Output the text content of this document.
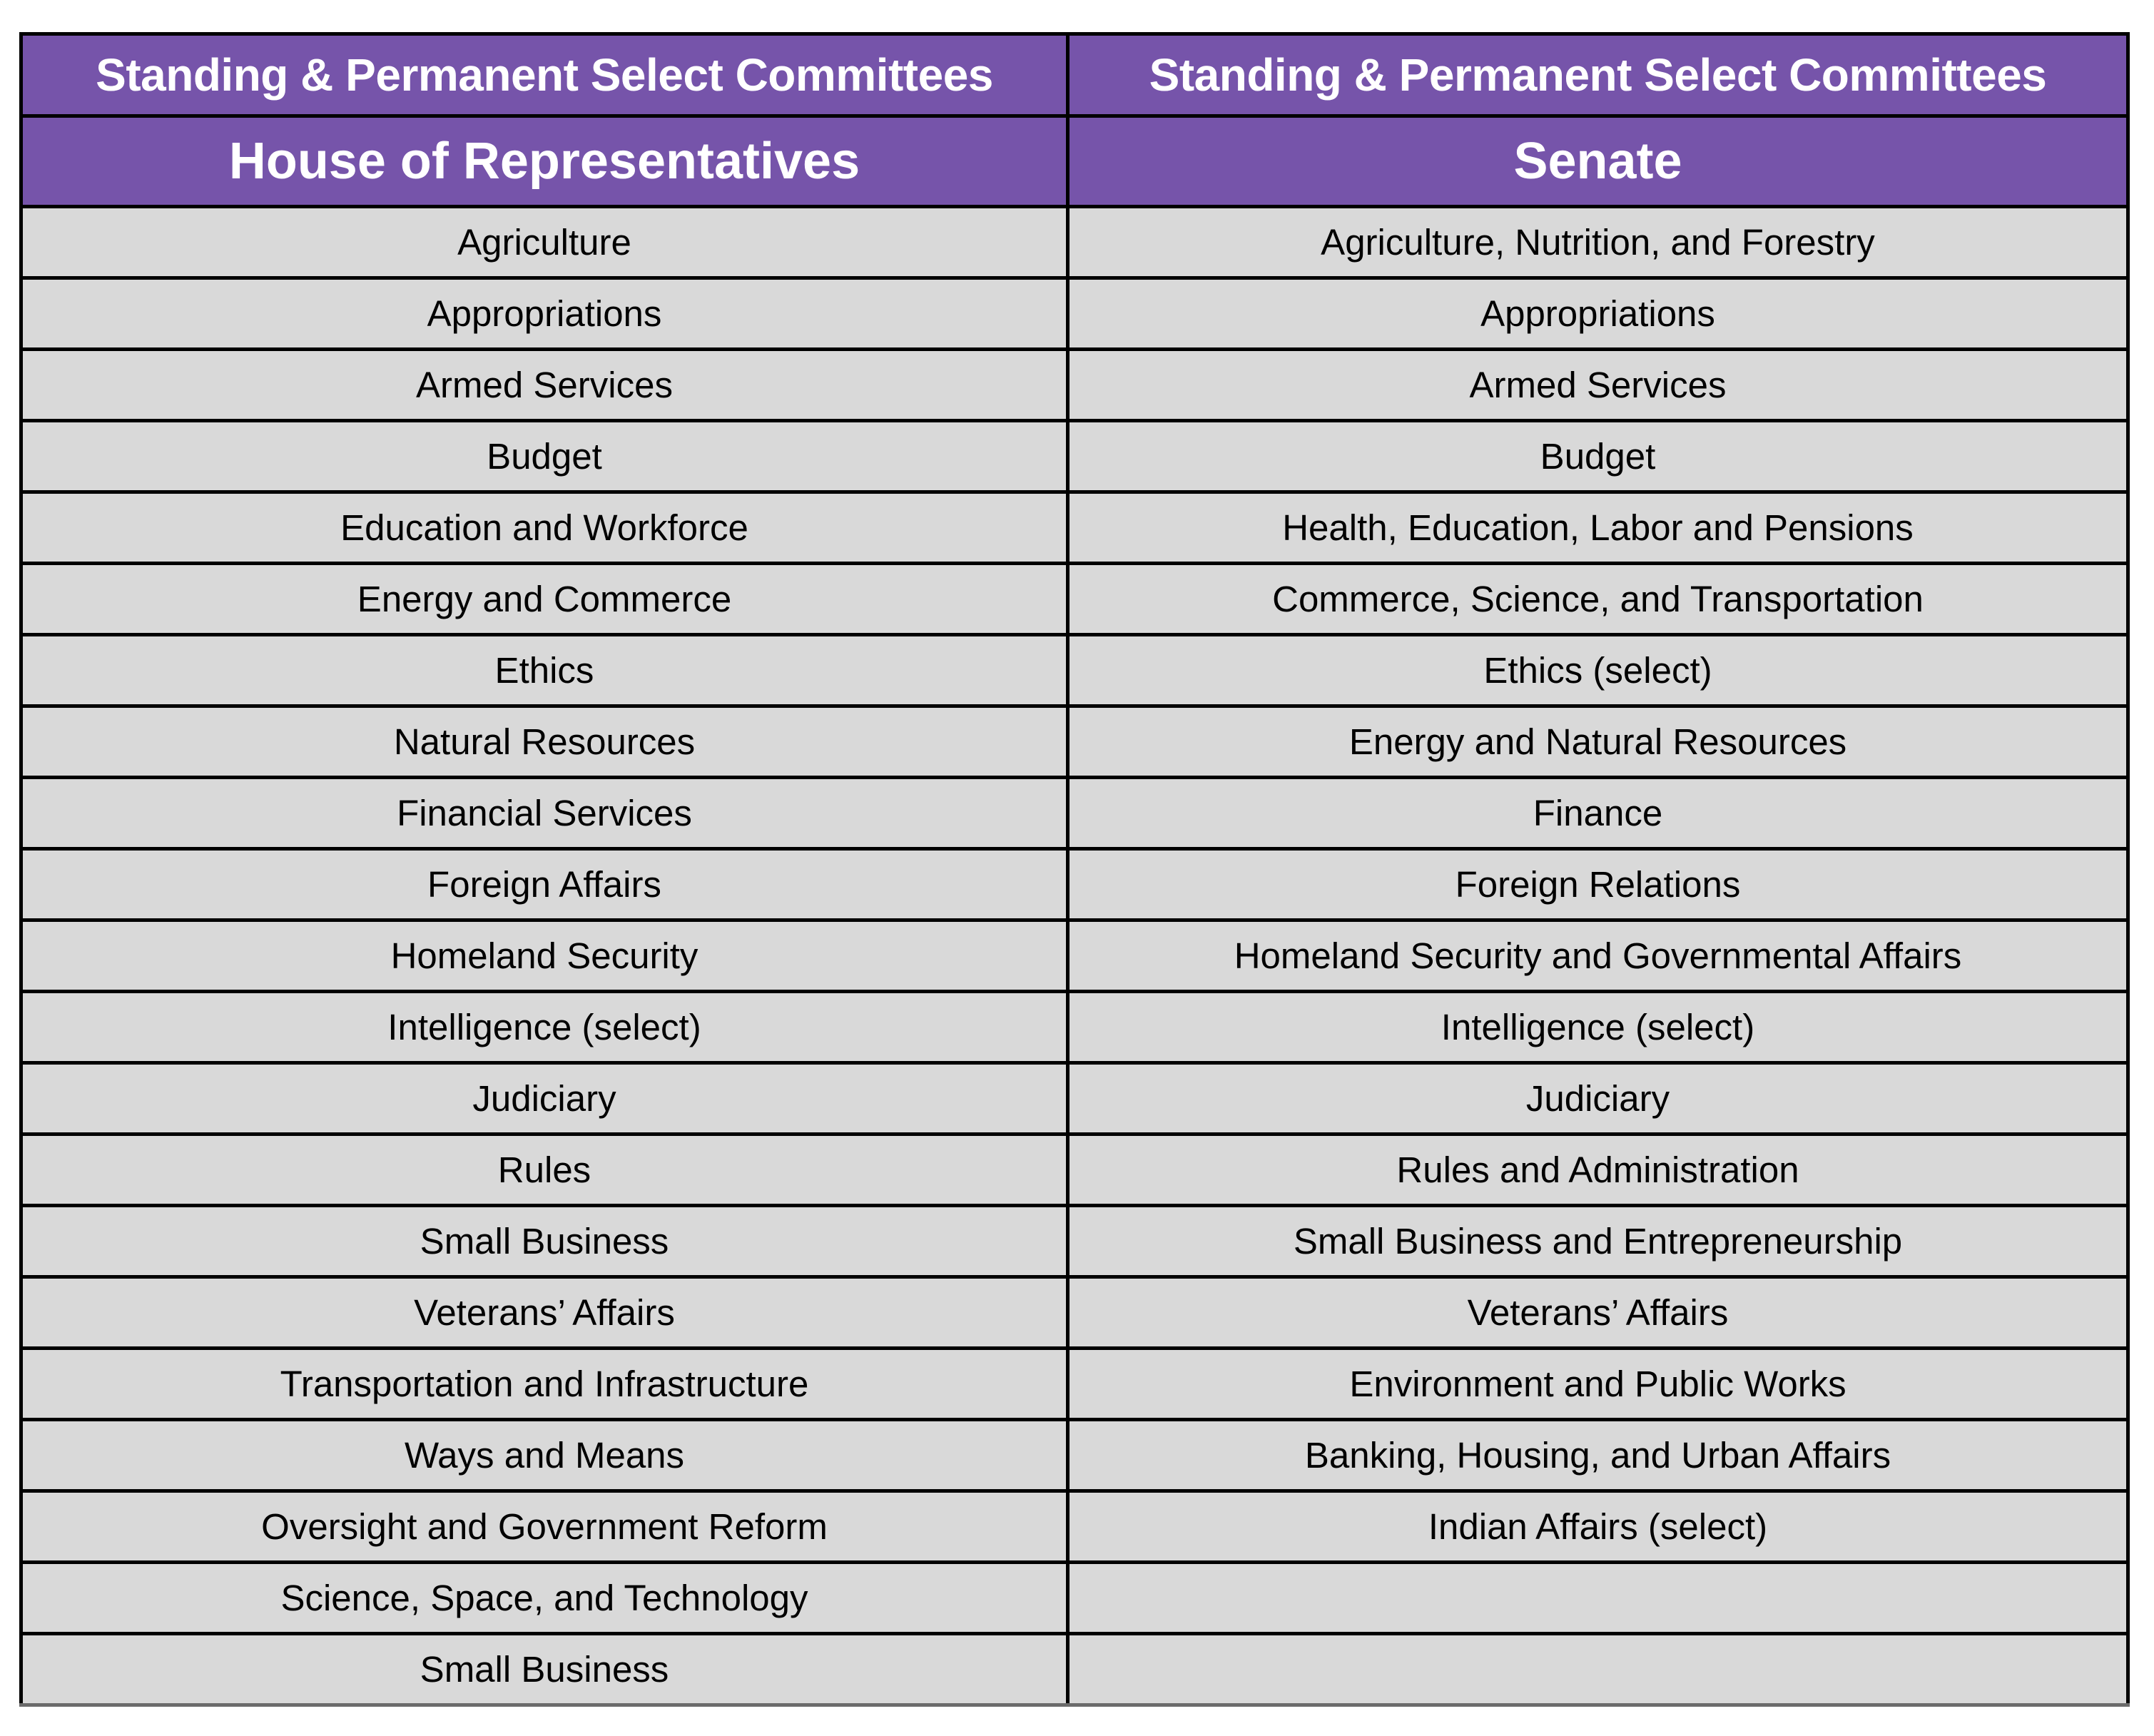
Standing & Permanent Select Committees	Standing & Permanent Select Committees
House of Representatives	Senate
Agriculture	Agriculture, Nutrition, and Forestry
Appropriations	Appropriations
Armed Services	Armed Services
Budget	Budget
Education and Workforce	Health, Education, Labor and Pensions
Energy and Commerce	Commerce, Science, and Transportation
Ethics	Ethics (select)
Natural Resources	Energy and Natural Resources
Financial Services	Finance
Foreign Affairs	Foreign Relations
Homeland Security	Homeland Security and Governmental Affairs
Intelligence (select)	Intelligence (select)
Judiciary	Judiciary
Rules	Rules and Administration
Small Business	Small Business and Entrepreneurship
Veterans’ Affairs	Veterans’ Affairs
Transportation and Infrastructure	Environment and Public Works
Ways and Means	Banking, Housing, and Urban Affairs
Oversight and Government Reform	Indian Affairs (select)
Science, Space, and Technology	
Small Business	
